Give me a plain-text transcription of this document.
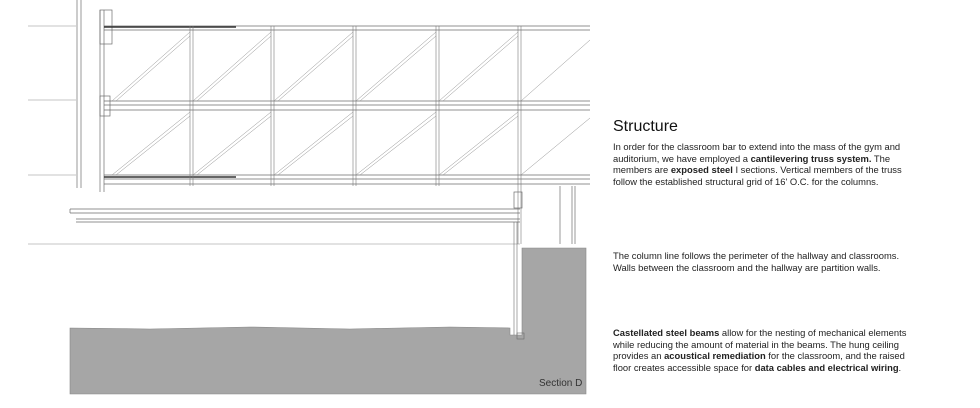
Section D
Structure
In order for the classroom bar to extend into the mass of the gym and auditorium, we have employed a cantilevering truss system. The members are exposed steel I sections. Vertical members of the truss follow the established structural grid of 16' O.C. for the columns.
The column line follows the perimeter of the hallway and classrooms. Walls between the classroom and the hallway are partition walls.
Castellated steel beams allow for the nesting of mechanical elements while reducing the amount of material in the beams. The hung ceiling provides an acoustical remediation for the classroom, and the raised floor creates accessible space for data cables and electrical wiring.
